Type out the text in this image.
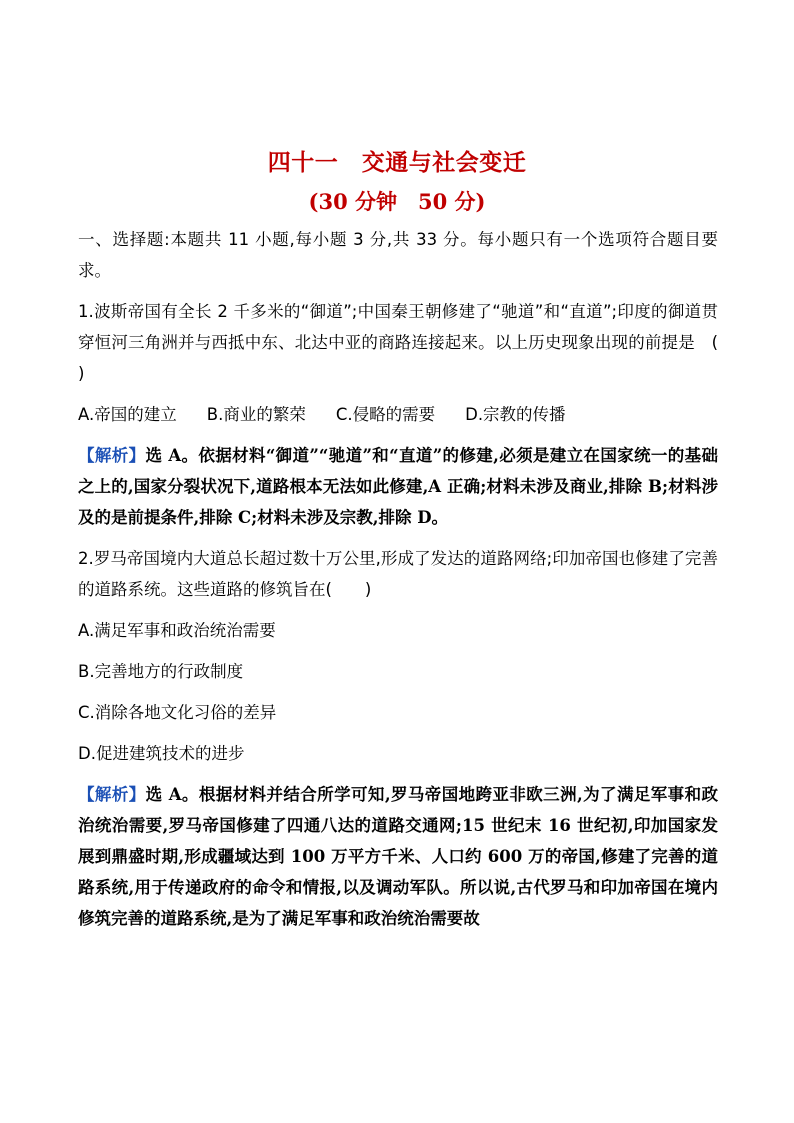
四十一　交通与社会变迁
(30 分钟　50 分)

一、选择题:本题共 11 小题,每小题 3 分,共 33 分。每小题只有一个选项符合题目要求。

1.波斯帝国有全长 2 千多米的“御道”;中国秦王朝修建了“驰道”和“直道”;印度的御道贯穿恒河三角洲并与西抵中东、北达中亚的商路连接起来。以上历史现象出现的前提是　(　　)

A.帝国的建立 B.商业的繁荣 C.侵略的需要 D.宗教的传播

【解析】选 A。依据材料“御道”“驰道”和“直道”的修建,必须是建立在国家统一的基础之上的,国家分裂状况下,道路根本无法如此修建,A 正确;材料未涉及商业,排除 B;材料涉及的是前提条件,排除 C;材料未涉及宗教,排除 D。

2.罗马帝国境内大道总长超过数十万公里,形成了发达的道路网络;印加帝国也修建了完善的道路系统。这些道路的修筑旨在(　　)

A.满足军事和政治统治需要

B.完善地方的行政制度

C.消除各地文化习俗的差异

D.促进建筑技术的进步

【解析】选 A。根据材料并结合所学可知,罗马帝国地跨亚非欧三洲,为了满足军事和政治统治需要,罗马帝国修建了四通八达的道路交通网;15 世纪末 16 世纪初,印加国家发展到鼎盛时期,形成疆域达到 100 万平方千米、人口约 600 万的帝国,修建了完善的道路系统,用于传递政府的命令和情报,以及调动军队。所以说,古代罗马和印加帝国在境内修筑完善的道路系统,是为了满足军事和政治统治需要故
